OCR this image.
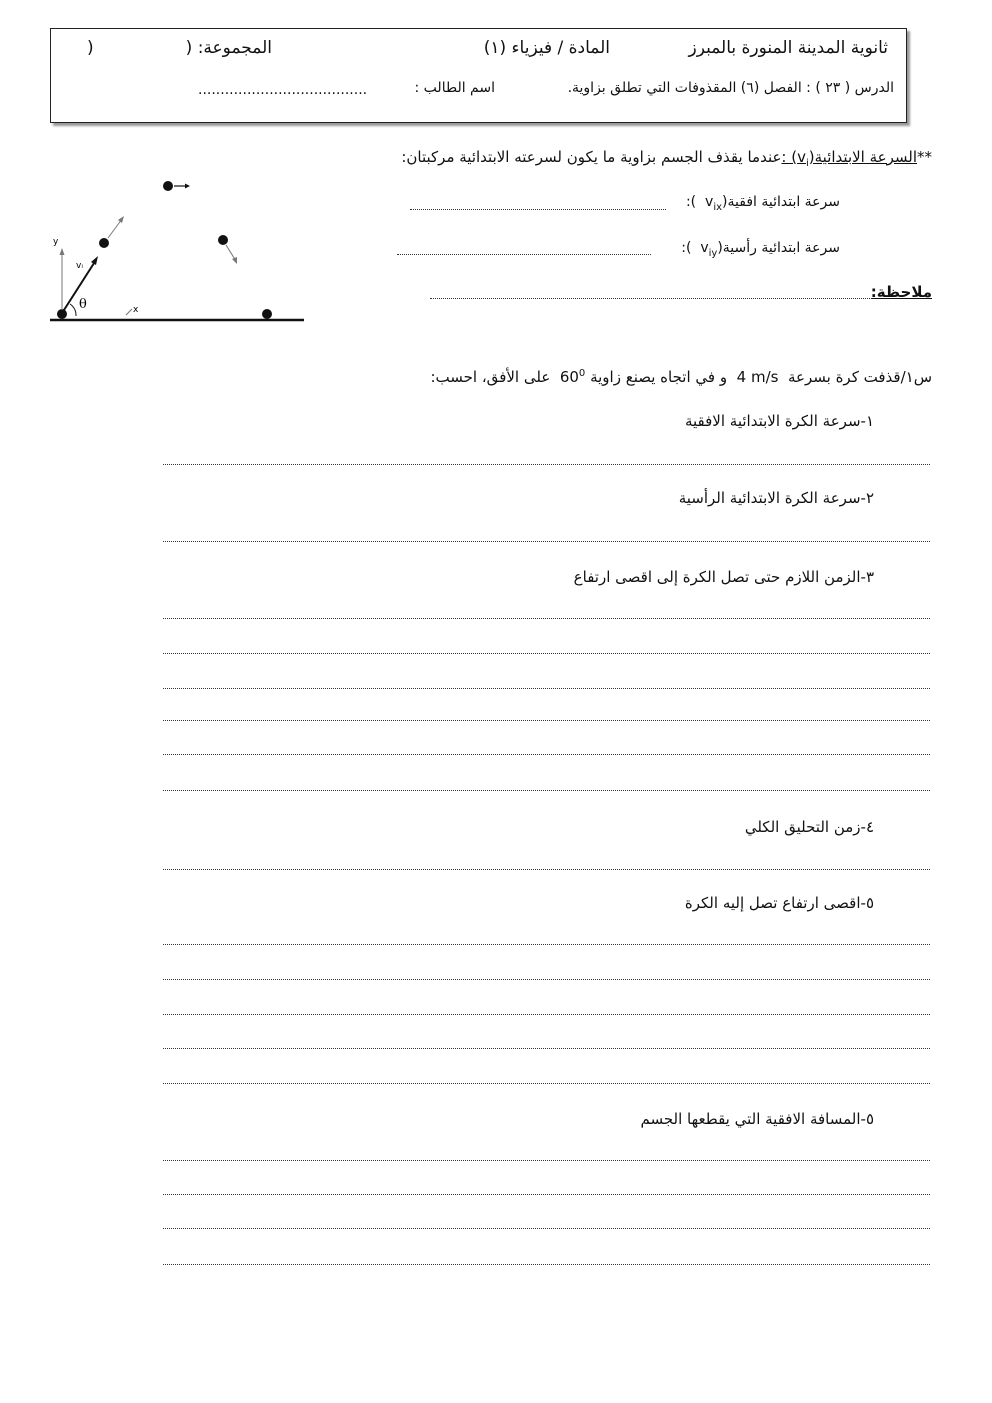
ثانوية المدينة المنورة بالمبرز
المادة / فيزياء (١)
المجموعة: (
)
الدرس ( ٢٣ ) : الفصل (٦) المقذوفات التي تطلق بزاوية.
اسم الطالب :
......................................
**السرعة $الابتدائية(v_i)$ :عندما يقذف الجسم بزاوية ما يكون لسرعته الابتدائية مركبتان:
سرعة ابتدائية $افقية(v_{ix}$  ):
سرعة ابتدائية $رأسية(v_{iy}$  ):
ملاحظة:
y
x
vᵢ
θ
س١/قذفت كرة بسرعة  4 m/s  و في اتجاه يصنع زاوية $60^0$  على الأفق، احسب:
١-سرعة الكرة الابتدائية الافقية
٢-سرعة الكرة الابتدائية الرأسية
٣-الزمن اللازم حتى تصل الكرة إلى اقصى ارتفاع
٤-زمن التحليق الكلي
٥-اقصى ارتفاع تصل إليه الكرة
٥-المسافة الافقية التي يقطعها الجسم
